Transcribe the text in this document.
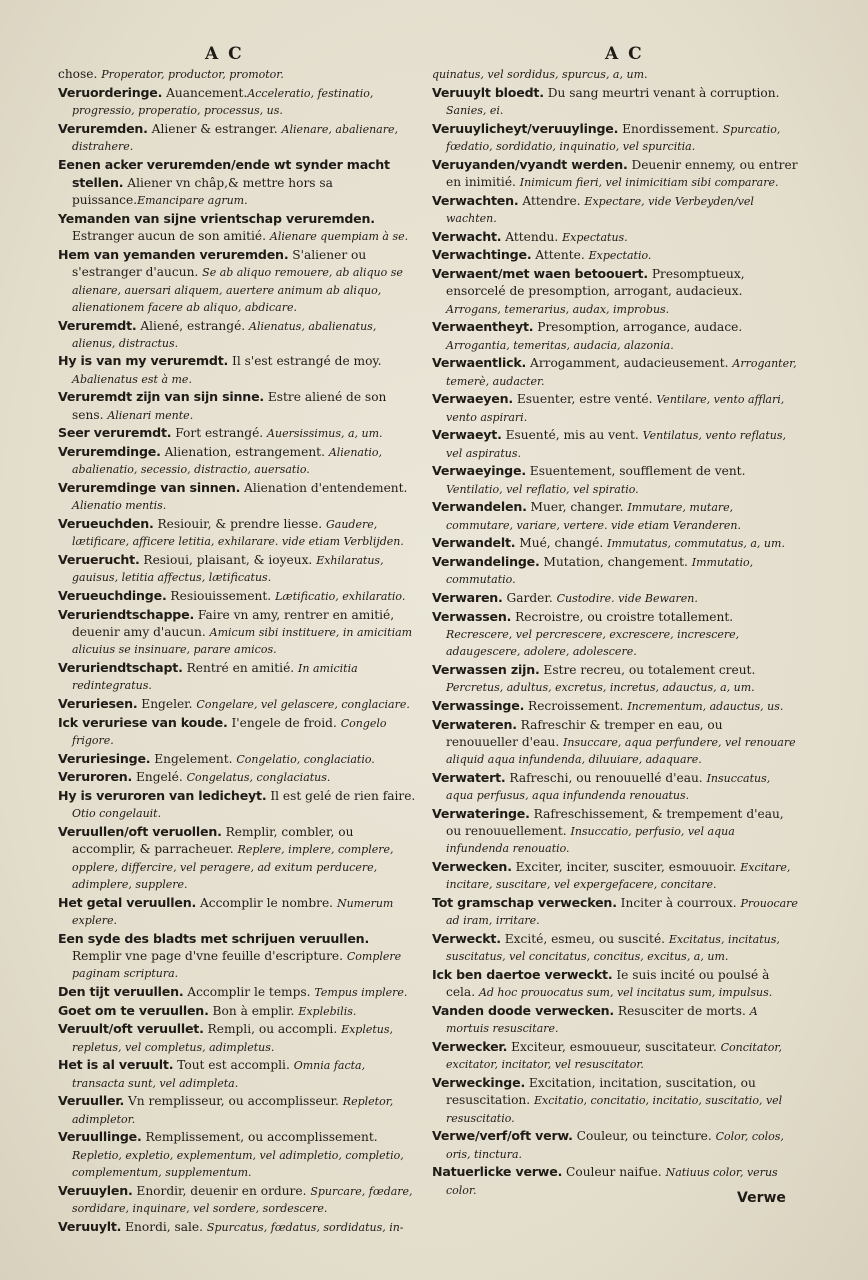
A C	A C
chose. Properator, productor, promotor.
Veruorderinge. Auancement.Acceleratio, festinatio, progressio, properatio, processus, us.
Veruremden. Aliener & estranger. Alienare, abalienare, distrahere.
Eenen acker veruremden/ende wt synder macht stellen. Aliener vn châp,& mettre hors sa puissance.Emancipare agrum.
Yemanden van sijne vrientschap veruremden. Estranger aucun de son amitié. Alienare quempiam à se.
Hem van yemanden veruremden. S'aliener ou s'estranger d'aucun. Se ab aliquo remouere, ab aliquo se alienare, auersari aliquem, auertere animum ab aliquo, alienationem facere ab aliquo, abdicare.
Veruremdt. Aliené, estrangé. Alienatus, abalienatus, alienus, distractus.
Hy is van my veruremdt. Il s'est estrangé de moy. Abalienatus est à me.
Veruremdt zijn van sijn sinne. Estre aliené de son sens. Alienari mente.
Seer veruremdt. Fort estrangé. Auersissimus, a, um.
Veruremdinge. Alienation, estrangement. Alienatio, abalienatio, secessio, distractio, auersatio.
Veruremdinge van sinnen. Alienation d'entendement. Alienatio mentis.
Verueuchden. Resiouir, & prendre liesse. Gaudere, lætificare, afficere letitia, exhilarare. vide etiam Verblijden.
Veruerucht. Resioui, plaisant, & ioyeux. Exhilaratus, gauisus, letitia affectus, lætificatus.
Verueuchdinge. Resiouissement. Lætificatio, exhilaratio.
Veruriendtschappe. Faire vn amy, rentrer en amitié, deuenir amy d'aucun. Amicum sibi instituere, in amicitiam alicuius se insinuare, parare amicos.
Veruriendtschapt. Rentré en amitié. In amicitia redintegratus.
Veruriesen. Engeler. Congelare, vel gelascere, conglaciare.
Ick veruriese van koude. I'engele de froid. Congelo frigore.
Veruriesinge. Engelement. Congelatio, conglaciatio.
Veruroren. Engelé. Congelatus, conglaciatus.
Hy is veruroren van ledicheyt. Il est gelé de rien faire. Otio congelauit.
Veruullen/oft veruollen. Remplir, combler, ou accomplir, & parracheuer. Replere, implere, complere, opplere, differcire, vel peragere, ad exitum perducere, adimplere, supplere.
Het getal veruullen. Accomplir le nombre. Numerum explere.
Een syde des bladts met schrijuen veruullen. Remplir vne page d'vne feuille d'escripture. Complere paginam scriptura.
Den tijt veruullen. Accomplir le temps. Tempus implere.
Goet om te veruullen. Bon à emplir. Explebilis.
Veruult/oft veruullet. Rempli, ou accompli. Expletus, repletus, vel completus, adimpletus.
Het is al veruult. Tout est accompli. Omnia facta, transacta sunt, vel adimpleta.
Veruuller. Vn remplisseur, ou accomplisseur. Repletor, adimpletor.
Veruullinge. Remplissement, ou accomplissement. Repletio, expletio, explementum, vel adimpletio, completio, complementum, supplementum.
Veruuylen. Enordir, deuenir en ordure. Spurcare, fœdare, sordidare, inquinare, vel sordere, sordescere.
Veruuylt. Enordi, sale. Spurcatus, fœdatus, sordidatus, in-
quinatus, vel sordidus, spurcus, a, um.
Veruuylt bloedt. Du sang meurtri venant à corruption. Sanies, ei.
Veruuylicheyt/veruuylinge. Enordissement. Spurcatio, fœdatio, sordidatio, inquinatio, vel spurcitia.
Veruyanden/vyandt werden. Deuenir ennemy, ou entrer en inimitié. Inimicum fieri, vel inimicitiam sibi comparare.
Verwachten. Attendre. Expectare, vide Verbeyden/vel wachten.
Verwacht. Attendu. Expectatus.
Verwachtinge. Attente. Expectatio.
Verwaent/met waen betoouert. Presomptueux, ensorcelé de presomption, arrogant, audacieux. Arrogans, temerarius, audax, improbus.
Verwaentheyt. Presomption, arrogance, audace. Arrogantia, temeritas, audacia, alazonia.
Verwaentlick. Arrogamment, audacieusement. Arroganter, temerè, audacter.
Verwaeyen. Esuenter, estre venté. Ventilare, vento afflari, vento aspirari.
Verwaeyt. Esuenté, mis au vent. Ventilatus, vento reflatus, vel aspiratus.
Verwaeyinge. Esuentement, soufflement de vent. Ventilatio, vel reflatio, vel spiratio.
Verwandelen. Muer, changer. Immutare, mutare, commutare, variare, vertere. vide etiam Veranderen.
Verwandelt. Mué, changé. Immutatus, commutatus, a, um.
Verwandelinge. Mutation, changement. Immutatio, commutatio.
Verwaren. Garder. Custodire. vide Bewaren.
Verwassen. Recroistre, ou croistre totallement. Recrescere, vel percrescere, excrescere, increscere, adaugescere, adolere, adolescere.
Verwassen zijn. Estre recreu, ou totalement creut. Percretus, adultus, excretus, incretus, adauctus, a, um.
Verwassinge. Recroissement. Incrementum, adauctus, us.
Verwateren. Rafreschir & tremper en eau, ou renouueller d'eau. Insuccare, aqua perfundere, vel renouare aliquid aqua infundenda, diluuiare, adaquare.
Verwatert. Rafreschi, ou renouuellé d'eau. Insuccatus, aqua perfusus, aqua infundenda renouatus.
Verwateringe. Rafreschissement, & trempement d'eau, ou renouuellement. Insuccatio, perfusio, vel aqua infundenda renouatio.
Verwecken. Exciter, inciter, susciter, esmouuoir. Excitare, incitare, suscitare, vel expergefacere, concitare.
Tot gramschap verwecken. Inciter à courroux. Prouocare ad iram, irritare.
Verweckt. Excité, esmeu, ou suscité. Excitatus, incitatus, suscitatus, vel concitatus, concitus, excitus, a, um.
Ick ben daertoe verweckt. Ie suis incité ou poulsé à cela. Ad hoc prouocatus sum, vel incitatus sum, impulsus.
Vanden doode verwecken. Resusciter de morts. A mortuis resuscitare.
Verwecker. Exciteur, esmouueur, suscitateur. Concitator, excitator, incitator, vel resuscitator.
Verweckinge. Excitation, incitation, suscitation, ou resuscitation. Excitatio, concitatio, incitatio, suscitatio, vel resuscitatio.
Verwe/verf/oft verw. Couleur, ou teincture. Color, colos, oris, tinctura.
Natuerlicke verwe. Couleur naifue. Natiuus color, verus color.	Verwe
